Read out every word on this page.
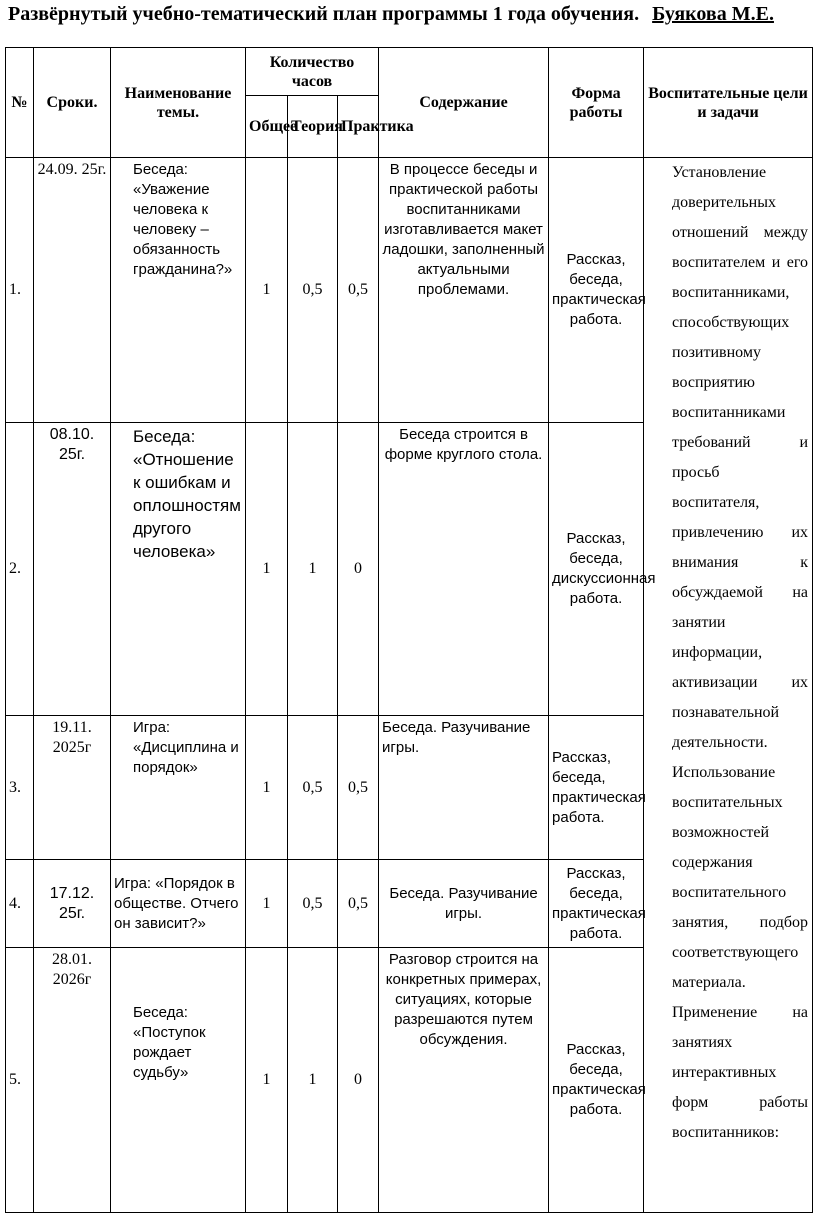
Развёрнутый учебно-тематический план программы 1 года обучения. Буякова М.Е.
№	Сроки.	Наименование темы.	Количество часов			Содержание	Форма работы	Воспитательные цели и задачи
			Общее	Теория	Практика			
1.	24.09. 25г.	Беседа: «Уважение человека к человеку – обязанность гражданина?»	1	0,5	0,5	В процессе беседы и практической работы воспитанниками изготавливается макет ладошки, заполненный актуальными проблемами.	Рассказ, беседа, практическая работа.	Установление доверительных отношений между воспитателем и его воспитанниками, способствующих позитивному восприятию воспитанниками требований и просьб воспитателя, привлечению их внимания к обсуждаемой на занятии информации, активизации их познавательной деятельности. Использование воспитательных возможностей содержания воспитательного занятия, подбор соответствующего материала. Применение на занятиях интерактивных форм работы воспитанников:
2.	08.10. 25г.	Беседа: «Отношение к ошибкам и оплошностям другого человека»	1	1	0	Беседа строится в форме круглого стола.	Рассказ, беседа, дискуссионная работа.	
3.	19.11. 2025г	Игра: «Дисциплина и порядок»	1	0,5	0,5	Беседа. Разучивание игры.	Рассказ, беседа, практическая работа.	
4.	17.12. 25г.	Игра: «Порядок в обществе. Отчего он зависит?»	1	0,5	0,5	Беседа. Разучивание игры.	Рассказ, беседа, практическая работа.	
5.	28.01. 2026г	Беседа: «Поступок рождает судьбу»	1	1	0	Разговор строится на конкретных примерах, ситуациях, которые разрешаются путем обсуждения.	Рассказ, беседа, практическая работа.	
